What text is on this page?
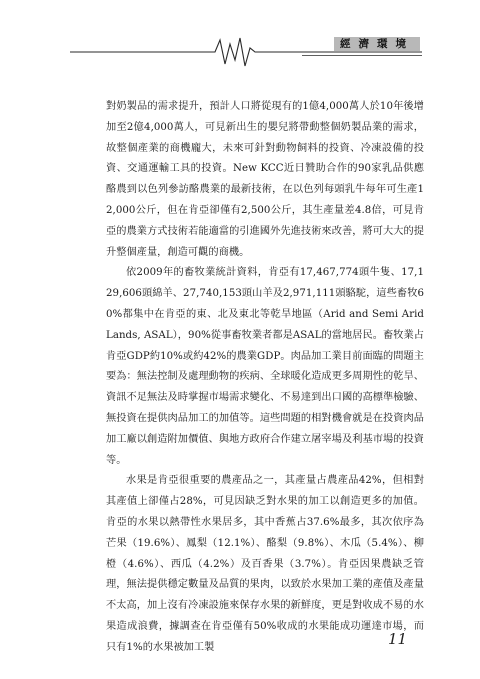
經濟環境

對奶製品的需求提升，預計人口將從現有的1億4,000萬人於10年後增加至2億4,000萬人，可見新出生的嬰兒將帶動整個奶製品業的需求，故整個產業的商機龐大，未來可針對動物飼料的投資、冷凍設備的投資、交通運輸工具的投資。New KCC近日贊助合作的90家乳品供應酪農到以色列參訪酪農業的最新技術，在以色列每頭乳牛每年可生產12,000公斤，但在肯亞卻僅有2,500公斤，其生產量差4.8倍，可見肯亞的農業方式技術若能適當的引進國外先進技術來改善，將可大大的提升整個產量，創造可觀的商機。

依2009年的畜牧業統計資料，肯亞有17,467,774頭牛隻、17,129,606頭綿羊、27,740,153頭山羊及2,971,111頭駱駝，這些畜牧60%都集中在肯亞的東、北及東北等乾旱地區（Arid and Semi Arid Lands, ASAL），90%從事畜牧業者都是ASAL的當地居民。畜牧業占肯亞GDP約10%或約42%的農業GDP。肉品加工業目前面臨的問題主要為：無法控制及處理動物的疾病、全球暖化造成更多周期性的乾旱、資訊不足無法及時掌握市場需求變化、不易達到出口國的高標準檢驗、無投資在提供肉品加工的加值等。這些問題的相對機會就是在投資肉品加工廠以創造附加價值、與地方政府合作建立屠宰場及利基市場的投資等。

水果是肯亞很重要的農產品之一，其產量占農產品42%，但相對其產值上卻僅占28%，可見因缺乏對水果的加工以創造更多的加值。肯亞的水果以熱帶性水果居多，其中香蕉占37.6%最多，其次依序為芒果（19.6%）、鳳梨（12.1%）、酪梨（9.8%）、木瓜（5.4%）、柳橙（4.6%）、西瓜（4.2%）及百香果（3.7%）。肯亞因果農缺乏管理，無法提供穩定數量及品質的果肉，以致於水果加工業的產值及產量不太高，加上沒有冷凍設施來保存水果的新鮮度，更是對收成不易的水果造成浪費，據調查在肯亞僅有50%收成的水果能成功運達市場，而只有1%的水果被加工製	11
